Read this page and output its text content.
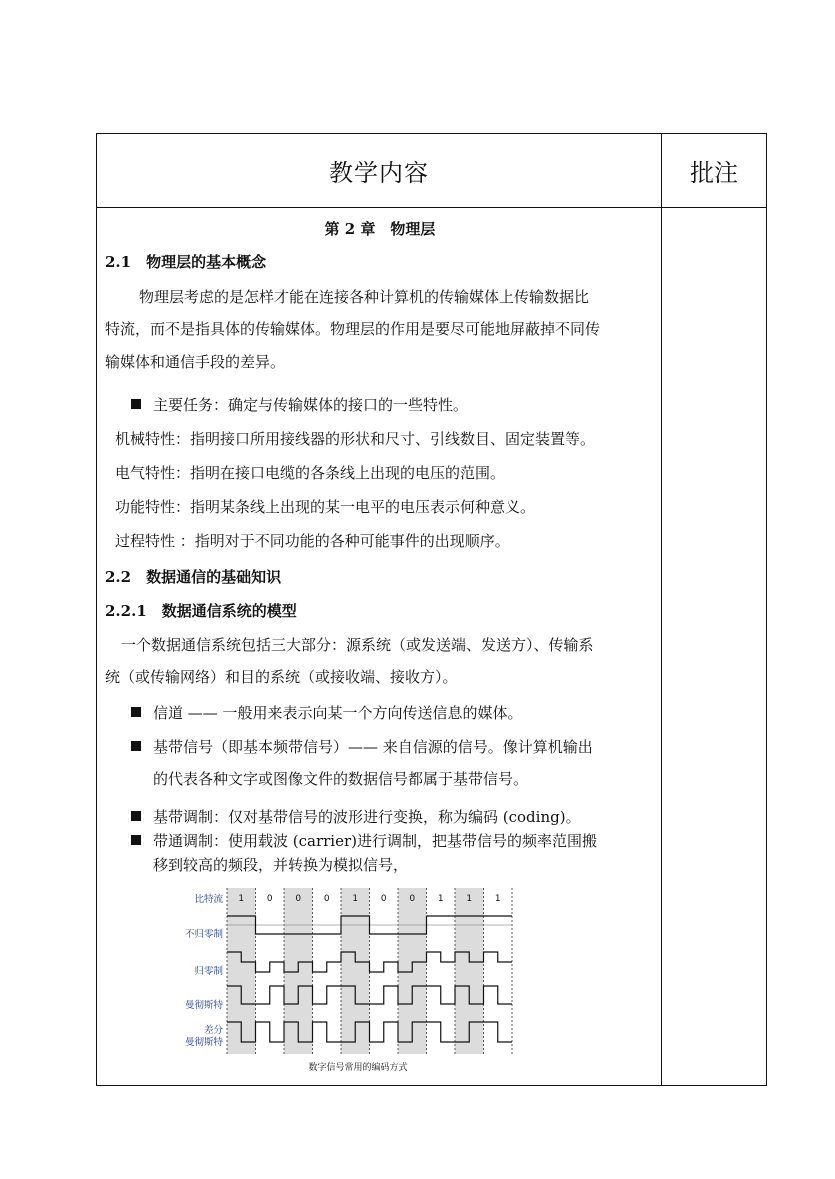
教学内容	批注
第 2 章　物理层
2.1　物理层的基本概念
物理层考虑的是怎样才能在连接各种计算机的传输媒体上传输数据比
特流，而不是指具体的传输媒体。物理层的作用是要尽可能地屏蔽掉不同传
输媒体和通信手段的差异。
主要任务：确定与传输媒体的接口的一些特性。
机械特性：指明接口所用接线器的形状和尺寸、引线数目、固定装置等。
电气特性：指明在接口电缆的各条线上出现的电压的范围。
功能特性：指明某条线上出现的某一电平的电压表示何种意义。
过程特性 ：指明对于不同功能的各种可能事件的出现顺序。
2.2　数据通信的基础知识
2.2.1　数据通信系统的模型
一个数据通信系统包括三大部分：源系统（或发送端、发送方）、传输系
统（或传输网络）和目的系统（或接收端、接收方）。
信道 —— 一般用来表示向某一个方向传送信息的媒体。
基带信号（即基本频带信号）—— 来自信源的信号。像计算机输出
的代表各种文字或图像文件的数据信号都属于基带信号。
基带调制：仅对基带信号的波形进行变换，称为编码 (coding)。
带通调制：使用载波 (carrier)进行调制，把基带信号的频率范围搬
移到较高的频段，并转换为模拟信号，
比特流
不归零制
归零制
曼彻斯特
差分
曼彻斯特
1	0	0	0	1	0	0	1	1	1
数字信号常用的编码方式
